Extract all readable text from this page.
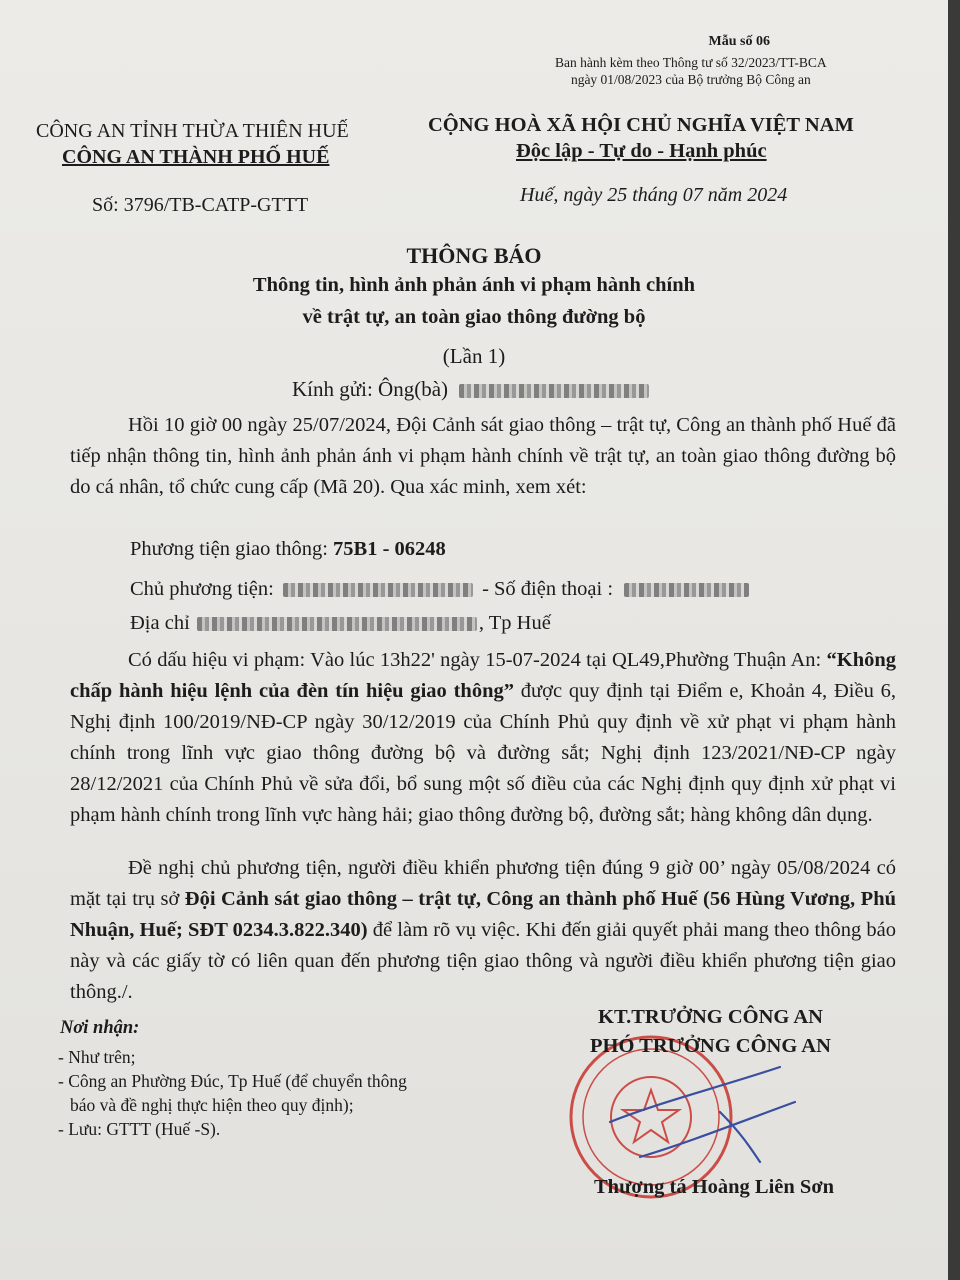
Mẫu số 06
Ban hành kèm theo Thông tư số 32/2023/TT-BCA
ngày 01/08/2023 của Bộ trưởng Bộ Công an
CÔNG AN TỈNH THỪA THIÊN HUẾ
CÔNG AN THÀNH PHỐ HUẾ
Số: 3796/TB-CATP-GTTT
CỘNG HOÀ XÃ HỘI CHỦ NGHĨA VIỆT NAM
Độc lập - Tự do - Hạnh phúc
Huế, ngày 25 tháng 07 năm 2024
THÔNG BÁO
Thông tin, hình ảnh phản ánh vi phạm hành chính
về trật tự, an toàn giao thông đường bộ
(Lần 1)
Kính gửi: Ông(bà)
Hồi 10 giờ 00 ngày 25/07/2024, Đội Cảnh sát giao thông – trật tự, Công an thành phố Huế đã tiếp nhận thông tin, hình ảnh phản ánh vi phạm hành chính về trật tự, an toàn giao thông đường bộ do cá nhân, tổ chức cung cấp (Mã 20). Qua xác minh, xem xét:
Phương tiện giao thông: 75B1 - 06248
Chủ phương tiện:	- Số điện thoại :
Địa chỉ	, Tp Huế
Có dấu hiệu vi phạm: Vào lúc 13h22' ngày 15-07-2024 tại QL49,Phường Thuận An: “Không chấp hành hiệu lệnh của đèn tín hiệu giao thông” được quy định tại Điểm e, Khoản 4, Điều 6, Nghị định 100/2019/NĐ-CP ngày 30/12/2019 của Chính Phủ quy định về xử phạt vi phạm hành chính trong lĩnh vực giao thông đường bộ và đường sắt; Nghị định 123/2021/NĐ-CP ngày 28/12/2021 của Chính Phủ về sửa đổi, bổ sung một số điều của các Nghị định quy định xử phạt vi phạm hành chính trong lĩnh vực hàng hải; giao thông đường bộ, đường sắt; hàng không dân dụng.
Đề nghị chủ phương tiện, người điều khiển phương tiện đúng 9 giờ 00’ ngày 05/08/2024 có mặt tại trụ sở Đội Cảnh sát giao thông – trật tự, Công an thành phố Huế (56 Hùng Vương, Phú Nhuận, Huế; SĐT 0234.3.822.340) để làm rõ vụ việc. Khi đến giải quyết phải mang theo thông báo này và các giấy tờ có liên quan đến phương tiện giao thông và người điều khiển phương tiện giao thông./.
Nơi nhận:
- Như trên;
- Công an Phường Đúc, Tp Huế (để chuyển thông
báo và đề nghị thực hiện theo quy định);
- Lưu: GTTT (Huế -S).
KT.TRƯỞNG CÔNG AN
PHÓ TRƯỞNG CÔNG AN
Thượng tá Hoàng Liên Sơn
